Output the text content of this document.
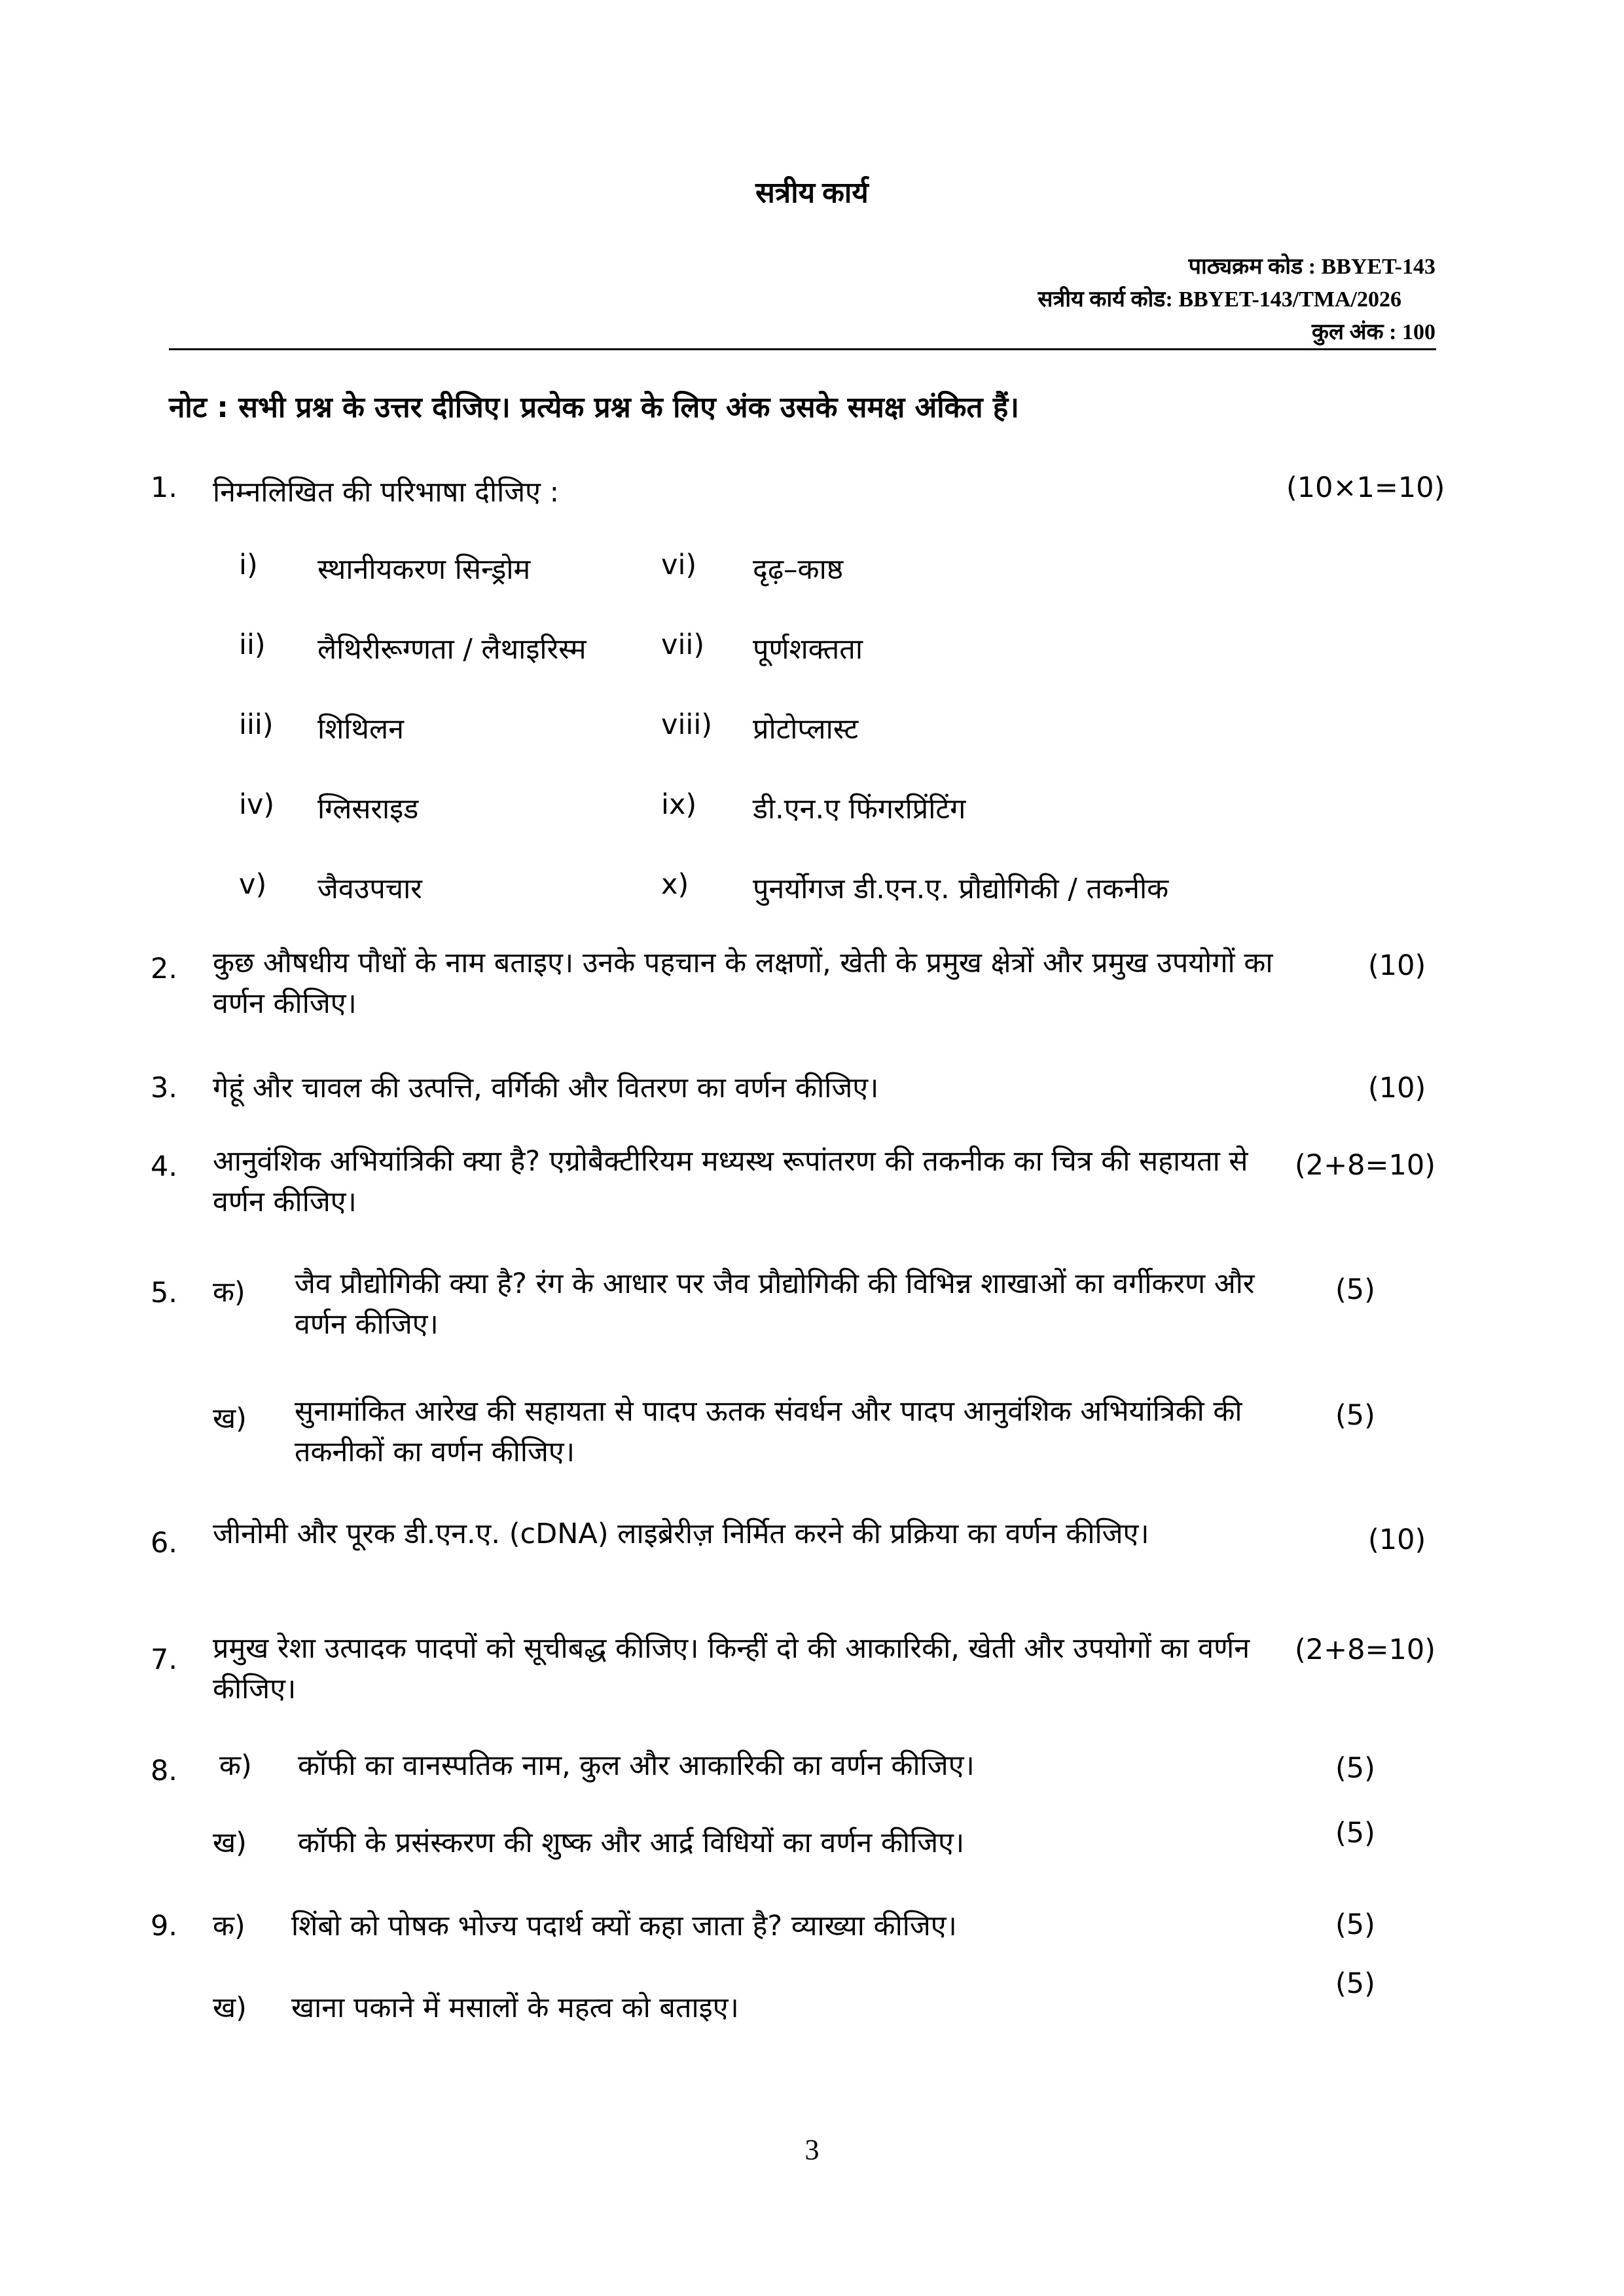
सत्रीय कार्य
पाठ्यक्रम कोड : BBYET-143
सत्रीय कार्य कोड: BBYET-143/TMA/2026
कुल अंक : 100
नोट : सभी प्रश्न के उत्तर दीजिए। प्रत्येक प्रश्न के लिए अंक उसके समक्ष अंकित हैं।
1. निम्नलिखित की परिभाषा दीजिए :	(10×1=10)
i) स्थानीयकरण सिन्ड्रोम	vi) दृढ़–काष्ठ
ii) लैथिरीरूग्णता / लैथाइरिस्म	vii) पूर्णशक्तता
iii) शिथिलन	viii) प्रोटोप्लास्ट
iv) ग्लिसराइड	ix) डी.एन.ए फिंगरप्रिंटिंग
v) जैवउपचार	x) पुनर्योगज डी.एन.ए. प्रौद्योगिकी / तकनीक
2. कुछ औषधीय पौधों के नाम बताइए। उनके पहचान के लक्षणों, खेती के प्रमुख क्षेत्रों और प्रमुख उपयोगों का वर्णन कीजिए।
(10)
3. गेहूं और चावल की उत्पत्ति, वर्गिकी और वितरण का वर्णन कीजिए।	(10)
4. आनुवंशिक अभियांत्रिकी क्या है? एग्रोबैक्टीरियम मध्यस्थ रूपांतरण की तकनीक का चित्र की सहायता से वर्णन कीजिए।
(2+8=10)
5. क) जैव प्रौद्योगिकी क्या है? रंग के आधार पर जैव प्रौद्योगिकी की विभिन्न शाखाओं का वर्गीकरण और वर्णन कीजिए।
(5)
ख) सुनामांकित आरेख की सहायता से पादप ऊतक संवर्धन और पादप आनुवंशिक अभियांत्रिकी की तकनीकों का वर्णन कीजिए।
(5)
6. जीनोमी और पूरक डी.एन.ए. (cDNA) लाइब्रेरीज़ निर्मित करने की प्रक्रिया का वर्णन कीजिए।	(10)
7. प्रमुख रेशा उत्पादक पादपों को सूचीबद्ध कीजिए। किन्हीं दो की आकारिकी, खेती और उपयोगों का वर्णन कीजिए।
(2+8=10)
8. क) कॉफी का वानस्पतिक नाम, कुल और आकारिकी का वर्णन कीजिए।	(5)
ख) कॉफी के प्रसंस्करण की शुष्क और आर्द्र विधियों का वर्णन कीजिए।	(5)
9. क) शिंबो को पोषक भोज्य पदार्थ क्यों कहा जाता है? व्याख्या कीजिए।	(5)
ख) खाना पकाने में मसालों के महत्व को बताइए।
(5)
3
